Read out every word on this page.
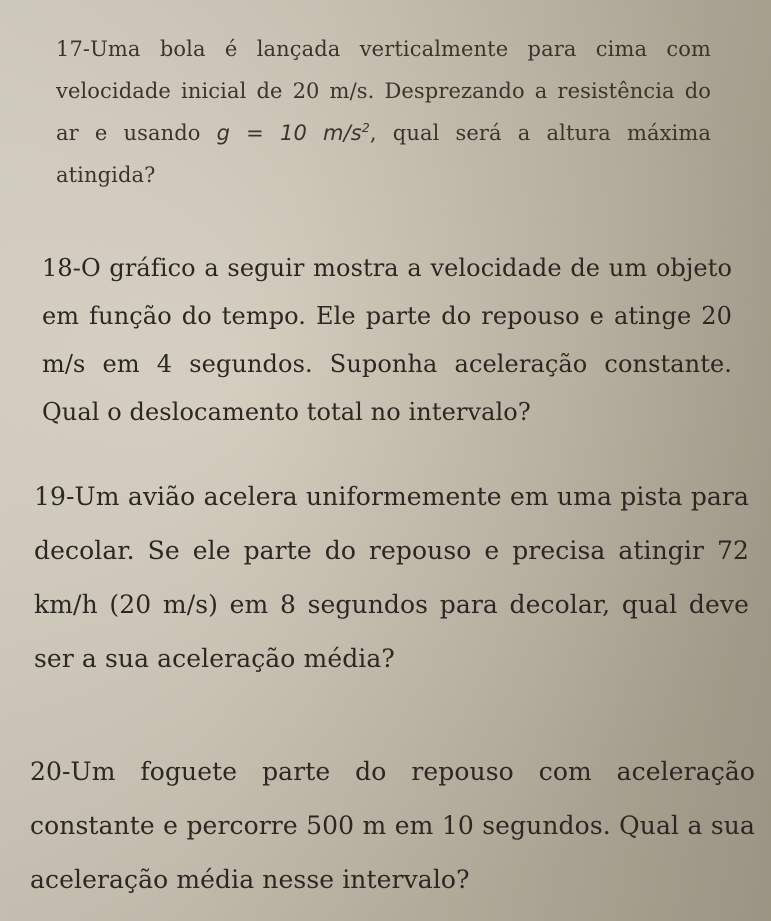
17-Uma bola é lançada verticalmente para cima com velocidade inicial de 20 m/s. Desprezando a resistência do ar e usando g = 10 $m/s^2$, qual será a altura máxima atingida?

18-O gráfico a seguir mostra a velocidade de um objeto em função do tempo. Ele parte do repouso e atinge 20 m/s em 4 segundos. Suponha aceleração constante. Qual o deslocamento total no intervalo?

19-Um avião acelera uniformemente em uma pista para decolar. Se ele parte do repouso e precisa atingir 72 km/h (20 m/s) em 8 segundos para decolar, qual deve ser a sua aceleração média?

20-Um foguete parte do repouso com aceleração constante e percorre 500 m em 10 segundos. Qual a sua aceleração média nesse intervalo?
